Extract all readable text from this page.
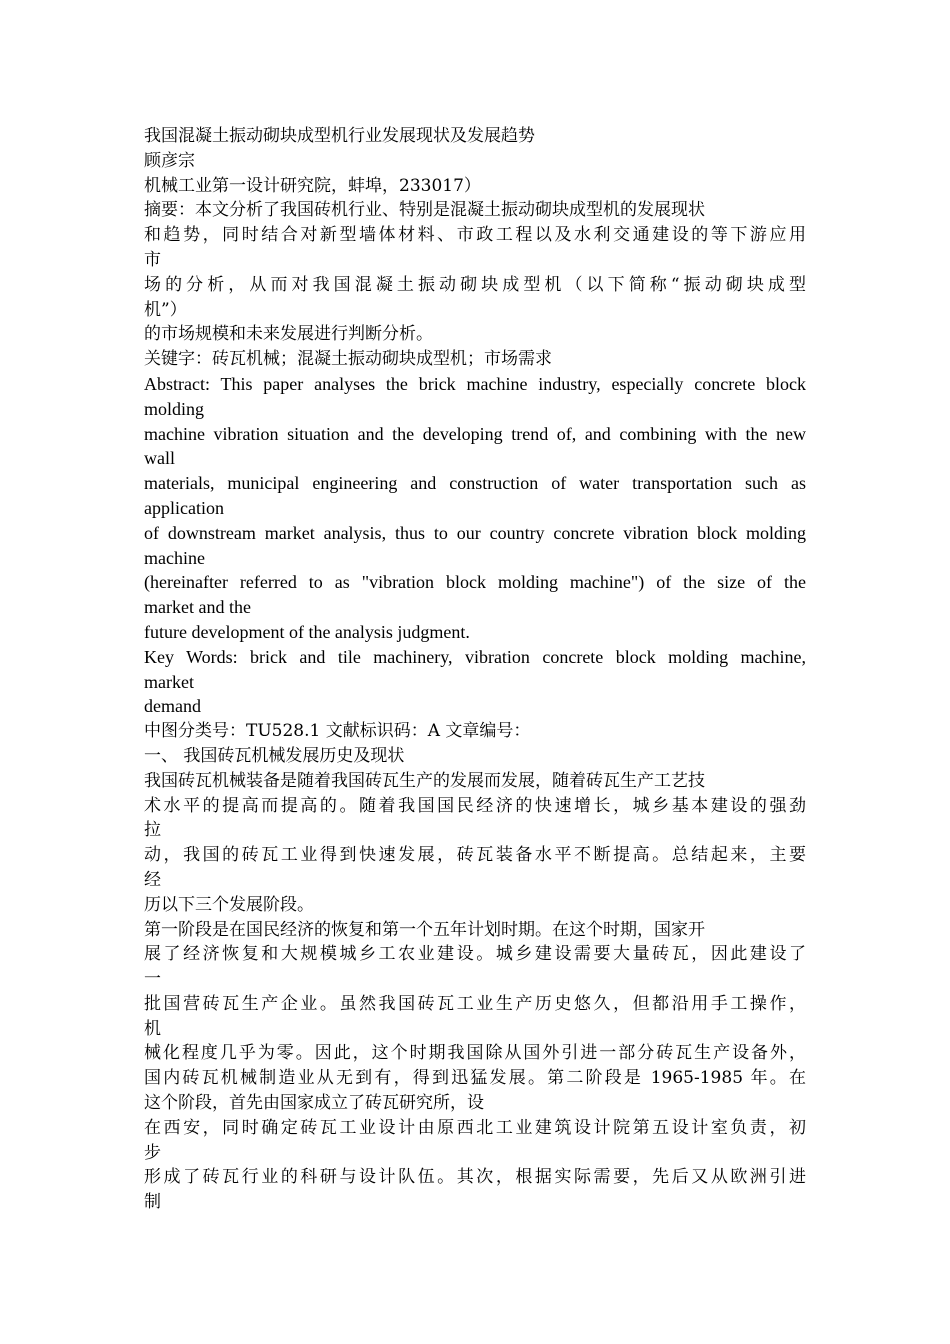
我国混凝土振动砌块成型机行业发展现状及发展趋势
顾彦宗
机械工业第一设计研究院，蚌埠，233017）
摘要：本文分析了我国砖机行业、特别是混凝土振动砌块成型机的发展现状
和趋势，同时结合对新型墙体材料、市政工程以及水利交通建设的等下游应用
市
场的分析，从而对我国混凝土振动砌块成型机（以下简称“振动砌块成型
机”）
的市场规模和未来发展进行判断分析。
关键字：砖瓦机械；混凝土振动砌块成型机；市场需求
Abstract: This paper analyses the brick machine industry, especially concrete block
molding
machine vibration situation and the developing trend of, and combining with the new
wall
materials, municipal engineering and construction of water transportation such as
application
of downstream market analysis, thus to our country concrete vibration block molding
machine
(hereinafter referred to as "vibration block molding machine") of the size of the
market and the
future development of the analysis judgment.
Key Words: brick and tile machinery, vibration concrete block molding machine,
market
demand
中图分类号：TU528.1 文献标识码：A 文章编号：
一、 我国砖瓦机械发展历史及现状
我国砖瓦机械装备是随着我国砖瓦生产的发展而发展，随着砖瓦生产工艺技
术水平的提高而提高的。随着我国国民经济的快速增长，城乡基本建设的强劲
拉
动，我国的砖瓦工业得到快速发展，砖瓦装备水平不断提高。总结起来，主要
经
历以下三个发展阶段。
第一阶段是在国民经济的恢复和第一个五年计划时期。在这个时期，国家开
展了经济恢复和大规模城乡工农业建设。城乡建设需要大量砖瓦，因此建设了
一
批国营砖瓦生产企业。虽然我国砖瓦工业生产历史悠久，但都沿用手工操作，
机
械化程度几乎为零。因此，这个时期我国除从国外引进一部分砖瓦生产设备外，
国内砖瓦机械制造业从无到有，得到迅猛发展。第二阶段是 1965-1985 年。在
这个阶段，首先由国家成立了砖瓦研究所，设
在西安，同时确定砖瓦工业设计由原西北工业建筑设计院第五设计室负责，初
步
形成了砖瓦行业的科研与设计队伍。其次，根据实际需要，先后又从欧洲引进
制
